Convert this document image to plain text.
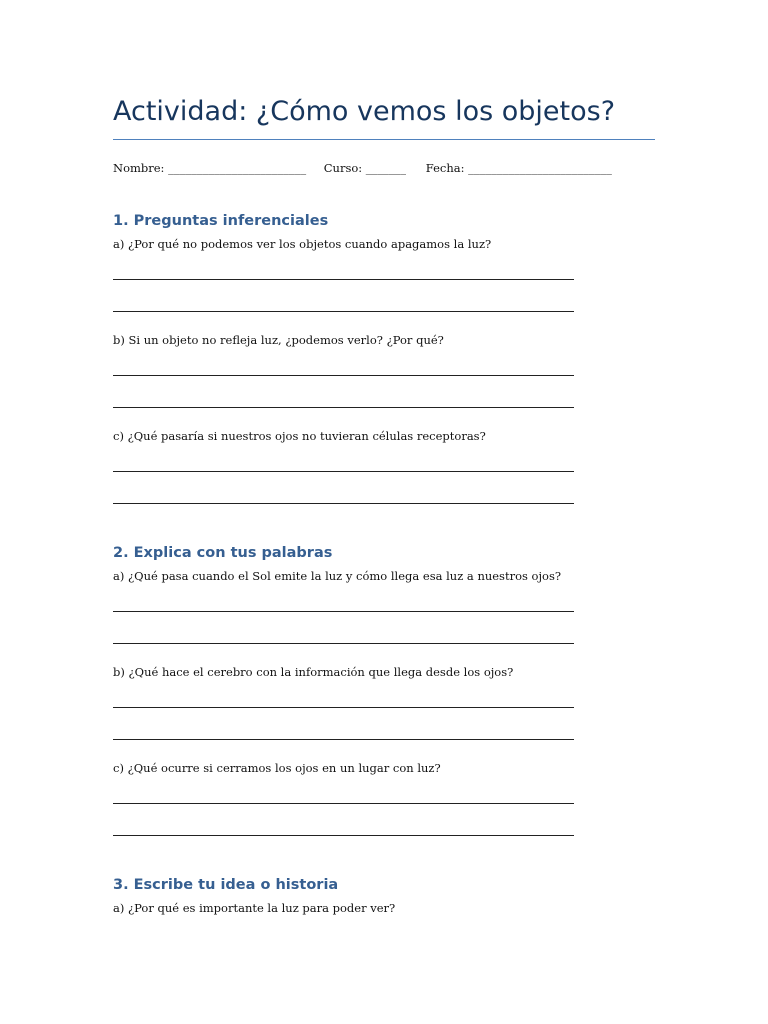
Actividad: ¿Cómo vemos los objetos?
Nombre: ________________________ Curso: _______ Fecha: _________________________
1. Preguntas inferenciales
a) ¿Por qué no podemos ver los objetos cuando apagamos la luz?
b) Si un objeto no refleja luz, ¿podemos verlo? ¿Por qué?
c) ¿Qué pasaría si nuestros ojos no tuvieran células receptoras?
2. Explica con tus palabras
a) ¿Qué pasa cuando el Sol emite la luz y cómo llega esa luz a nuestros ojos?
b) ¿Qué hace el cerebro con la información que llega desde los ojos?
c) ¿Qué ocurre si cerramos los ojos en un lugar con luz?
3. Escribe tu idea o historia
a) ¿Por qué es importante la luz para poder ver?
